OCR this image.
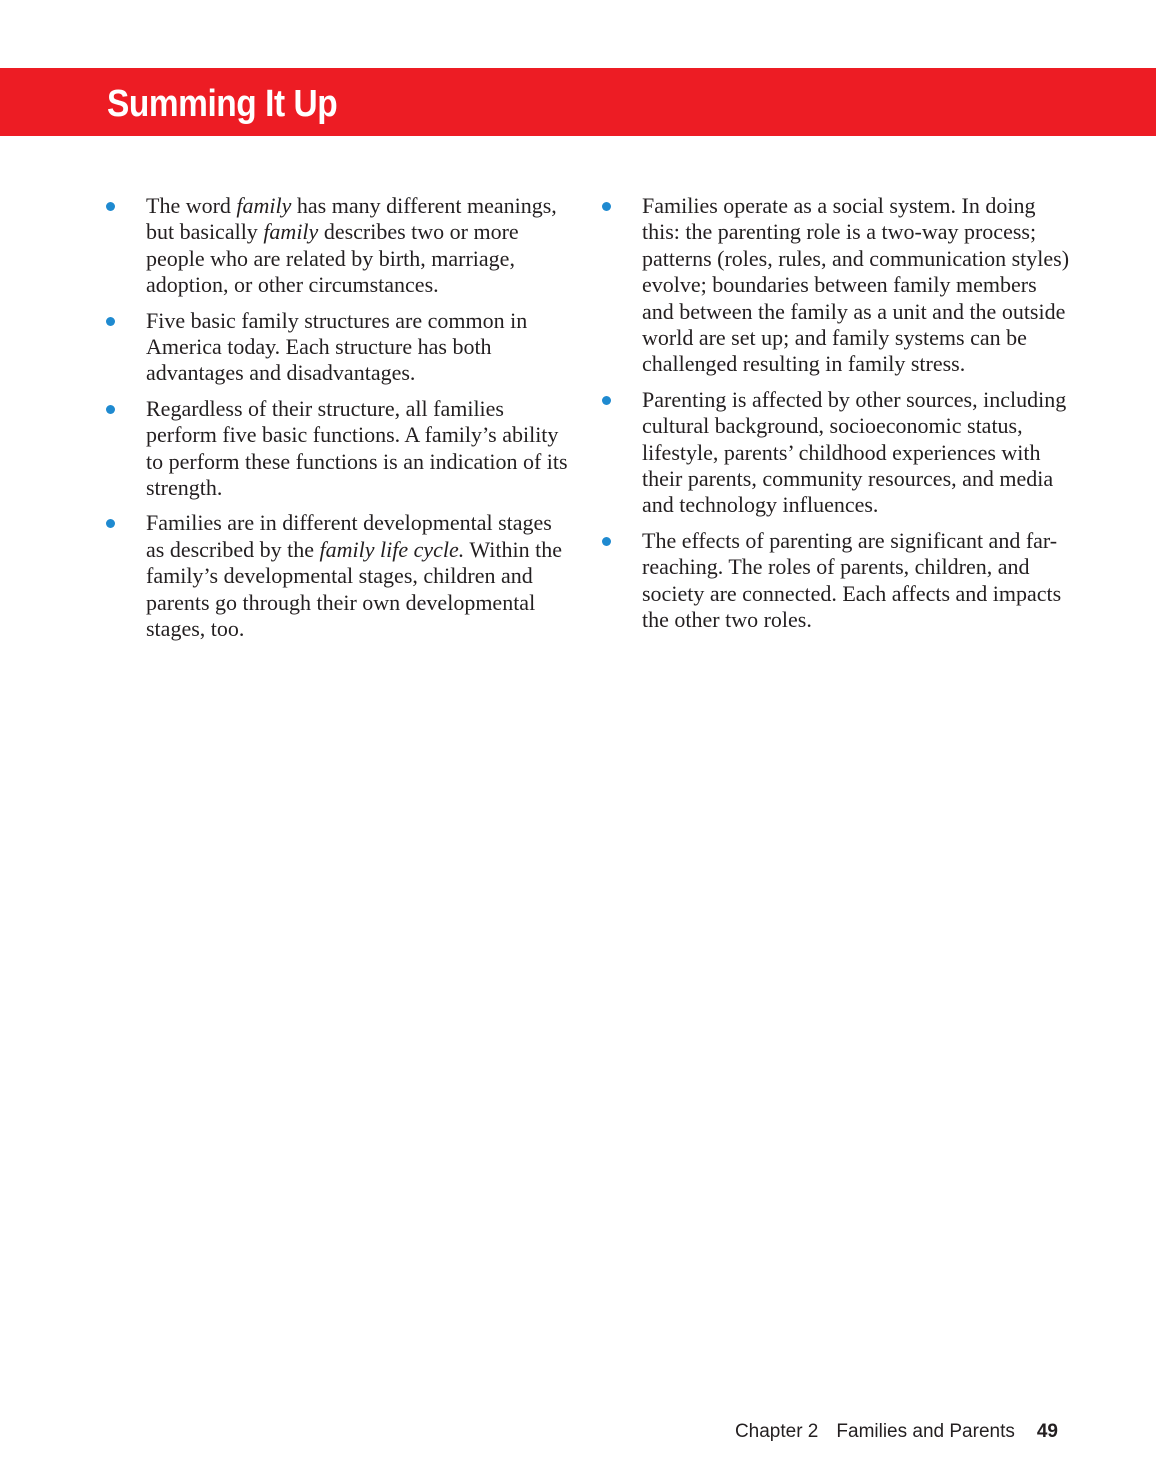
Summing It Up
The word family has many different meanings, but basically family describes two or more people who are related by birth, marriage, adoption, or other circumstances.
Five basic family structures are common in America today. Each structure has both advantages and disadvantages.
Regardless of their structure, all families perform five basic functions. A family’s ability to perform these functions is an indication of its strength.
Families are in different developmental stages as described by the family life cycle. Within the family’s developmental stages, children and parents go through their own developmental stages, too.
Families operate as a social system. In doing this: the parenting role is a two-way process; patterns (roles, rules, and communication styles) evolve; boundaries between family members and between the family as a unit and the outside world are set up; and family systems can be challenged resulting in family stress.
Parenting is affected by other sources, including cultural background, socioeconomic status, lifestyle, parents’ childhood experiences with their parents, community resources, and media and technology influences.
The effects of parenting are significant and far-reaching. The roles of parents, children, and society are connected. Each affects and impacts the other two roles.
Chapter 2 Families and Parents 49
